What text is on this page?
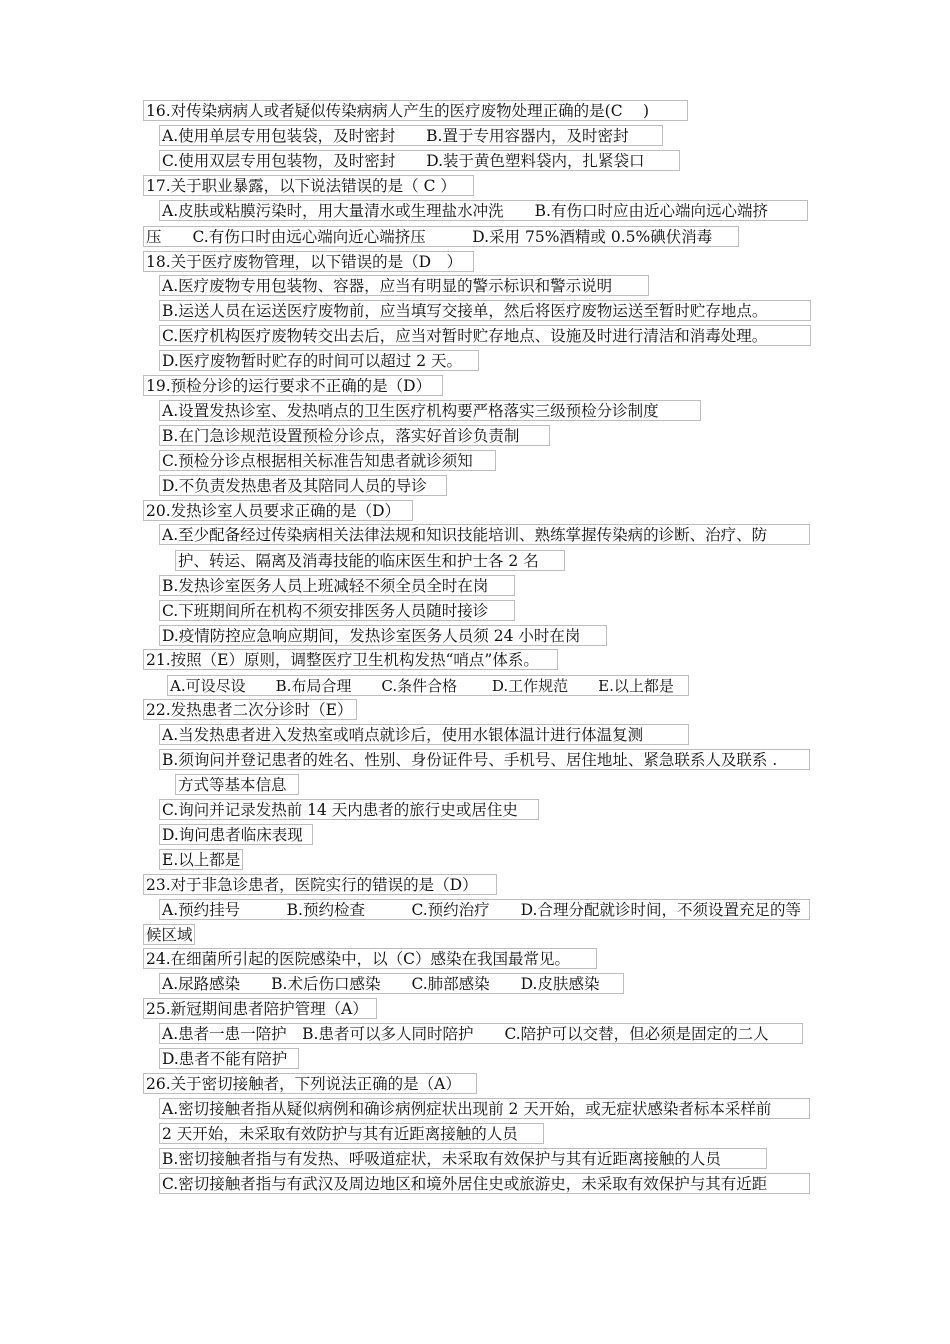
16.对传染病病人或者疑似传染病病人产生的医疗废物处理正确的是(C　 )
A.使用单层专用包装袋，及时密封　　B.置于专用容器内，及时密封
C.使用双层专用包装物，及时密封　　D.装于黄色塑料袋内，扎紧袋口
17.关于职业暴露，以下说法错误的是（ C ）
A.皮肤或粘膜污染时，用大量清水或生理盐水冲洗　　B.有伤口时应由近心端向远心端挤
压　　C.有伤口时由远心端向近心端挤压　　　D.采用 75%酒精或 0.5%碘伏消毒
18.关于医疗废物管理，以下错误的是（D　）
A.医疗废物专用包装物、容器，应当有明显的警示标识和警示说明
B.运送人员在运送医疗废物前，应当填写交接单，然后将医疗废物运送至暂时贮存地点。
C.医疗机构医疗废物转交出去后，应当对暂时贮存地点、设施及时进行清洁和消毒处理。
D.医疗废物暂时贮存的时间可以超过 2 天。
19.预检分诊的运行要求不正确的是（D）
A.设置发热诊室、发热哨点的卫生医疗机构要严格落实三级预检分诊制度
B.在门急诊规范设置预检分诊点，落实好首诊负责制
C.预检分诊点根据相关标准告知患者就诊须知
D.不负责发热患者及其陪同人员的导诊
20.发热诊室人员要求正确的是（D）
A.至少配备经过传染病相关法律法规和知识技能培训、熟练掌握传染病的诊断、治疗、防
护、转运、隔离及消毒技能的临床医生和护士各 2 名
B.发热诊室医务人员上班减轻不须全员全时在岗
C.下班期间所在机构不须安排医务人员随时接诊
D.疫情防控应急响应期间，发热诊室医务人员须 24 小时在岗
21.按照（E）原则，调整医疗卫生机构发热“哨点”体系。
A.可设尽设　　B.布局合理　　C.条件合格　　 D.工作规范　　E.以上都是
22.发热患者二次分诊时（E）
A.当发热患者进入发热室或哨点就诊后，使用水银体温计进行体温复测
B.须询问并登记患者的姓名、性别、身份证件号、手机号、居住地址、紧急联系人及联系 .
方式等基本信息
C.询问并记录发热前 14 天内患者的旅行史或居住史
D.询问患者临床表现
E.以上都是
23.对于非急诊患者，医院实行的错误的是（D）
A.预约挂号　　　B.预约检查　　　C.预约治疗　　D.合理分配就诊时间，不须设置充足的等
候区域
24.在细菌所引起的医院感染中，以（C）感染在我国最常见。
A.尿路感染　　B.术后伤口感染　　C.肺部感染　　D.皮肤感染
25.新冠期间患者陪护管理（A）
A.患者一患一陪护　B.患者可以多人同时陪护　　C.陪护可以交替，但必须是固定的二人
D.患者不能有陪护
26.关于密切接触者，下列说法正确的是（A）
A.密切接触者指从疑似病例和确诊病例症状出现前 2 天开始，或无症状感染者标本采样前
2 天开始，未采取有效防护与其有近距离接触的人员
B.密切接触者指与有发热、呼吸道症状，未采取有效保护与其有近距离接触的人员
C.密切接触者指与有武汉及周边地区和境外居住史或旅游史，未采取有效保护与其有近距
